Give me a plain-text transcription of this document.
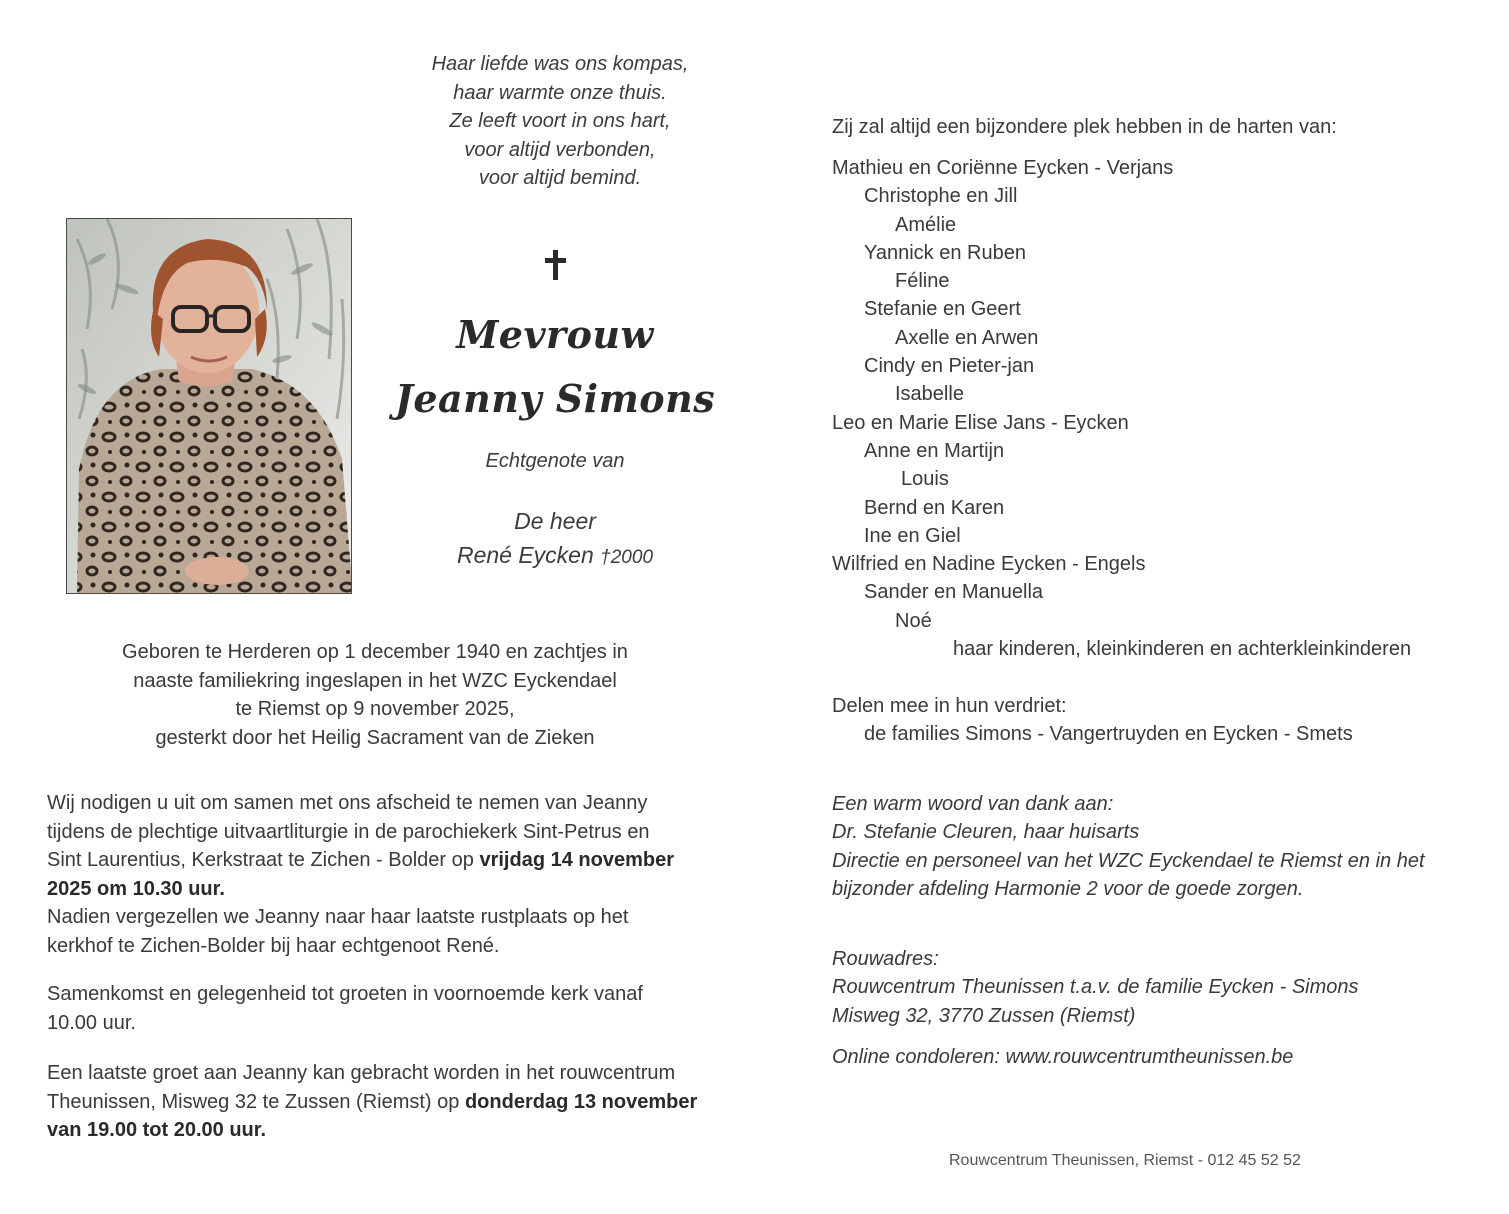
Haar liefde was ons kompas,
haar warmte onze thuis.
Ze leeft voort in ons hart,
voor altijd verbonden,
voor altijd bemind.
Mevrouw
Jeanny Simons
Echtgenote van
De heer
René Eycken †2000
Geboren te Herderen op 1 december 1940 en zachtjes in
naaste familiekring ingeslapen in het WZC Eyckendael
te Riemst op 9 november 2025,
gesterkt door het Heilig Sacrament van de Zieken
Wij nodigen u uit om samen met ons afscheid te nemen van Jeanny
tijdens de plechtige uitvaartliturgie in de parochiekerk Sint-Petrus en
Sint Laurentius, Kerkstraat te Zichen - Bolder op vrijdag 14 november
2025 om 10.30 uur.
Nadien vergezellen we Jeanny naar haar laatste rustplaats op het
kerkhof te Zichen-Bolder bij haar echtgenoot René.
Samenkomst en gelegenheid tot groeten in voornoemde kerk vanaf
10.00 uur.
Een laatste groet aan Jeanny kan gebracht worden in het rouwcentrum
Theunissen, Misweg 32 te Zussen (Riemst) op donderdag 13 november
van 19.00 tot 20.00 uur.
Zij zal altijd een bijzondere plek hebben in de harten van:
Mathieu en Coriënne Eycken - Verjans
Christophe en Jill
Amélie
Yannick en Ruben
Féline
Stefanie en Geert
Axelle en Arwen
Cindy en Pieter-jan
Isabelle
Leo en Marie Elise Jans - Eycken
Anne en Martijn
Louis
Bernd en Karen
Ine en Giel
Wilfried en Nadine Eycken - Engels
Sander en Manuella
Noé
haar kinderen, kleinkinderen en achterkleinkinderen
Delen mee in hun verdriet:
de families Simons - Vangertruyden en Eycken - Smets
Een warm woord van dank aan:
Dr. Stefanie Cleuren, haar huisarts
Directie en personeel van het WZC Eyckendael te Riemst en in het
bijzonder afdeling Harmonie 2 voor de goede zorgen.
Rouwadres:
Rouwcentrum Theunissen t.a.v. de familie Eycken - Simons
Misweg 32, 3770 Zussen (Riemst)
Online condoleren: www.rouwcentrumtheunissen.be
Rouwcentrum Theunissen, Riemst - 012 45 52 52
